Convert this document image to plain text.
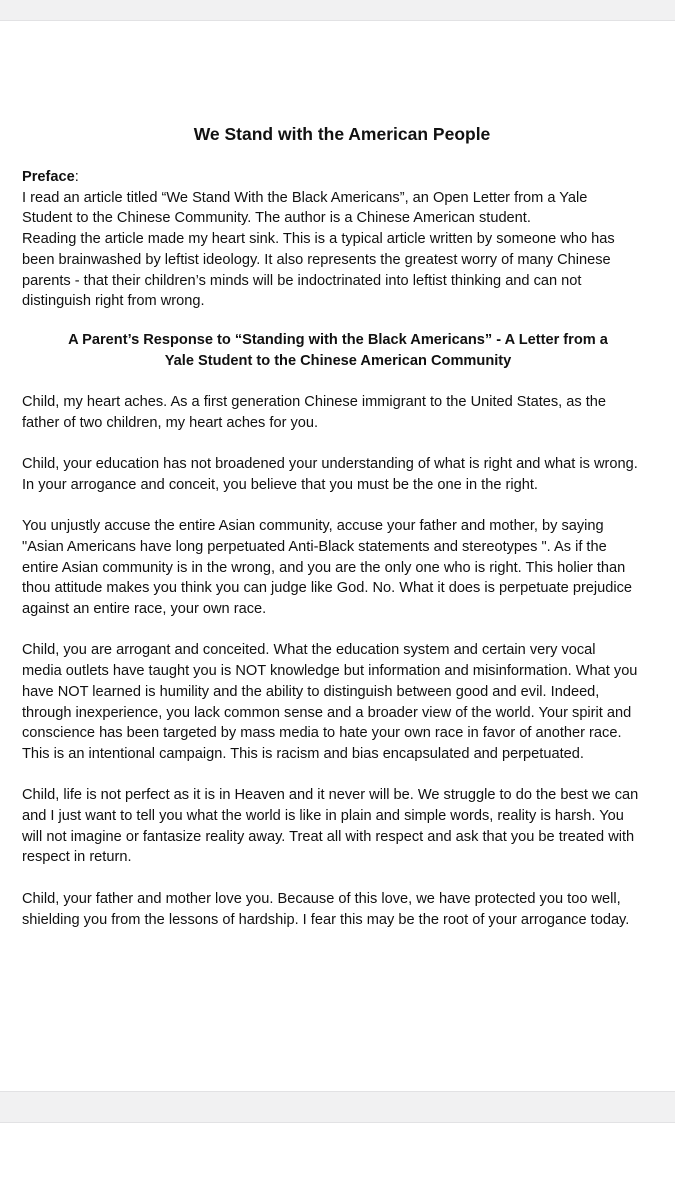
We Stand with the American People
Preface:
I read an article titled “We Stand With the Black Americans”, an Open Letter from a Yale
Student to the Chinese Community. The author is a Chinese American student.
Reading the article made my heart sink. This is a typical article written by someone who has
been brainwashed by leftist ideology. It also represents the greatest worry of many Chinese
parents - that their children’s minds will be indoctrinated into leftist thinking and can not
distinguish right from wrong.
A Parent’s Response to “Standing with the Black Americans” - A Letter from a
Yale Student to the Chinese American Community
Child, my heart aches. As a first generation Chinese immigrant to the United States, as the
father of two children, my heart aches for you.
Child, your education has not broadened your understanding of what is right and what is wrong.
In your arrogance and conceit, you believe that you must be the one in the right.
You unjustly accuse the entire Asian community, accuse your father and mother, by saying
"Asian Americans have long perpetuated Anti-Black statements and stereotypes ". As if the
entire Asian community is in the wrong, and you are the only one who is right. This holier than
thou attitude makes you think you can judge like God. No. What it does is perpetuate prejudice
against an entire race, your own race.
Child, you are arrogant and conceited. What the education system and certain very vocal
media outlets have taught you is NOT knowledge but information and misinformation. What you
have NOT learned is humility and the ability to distinguish between good and evil. Indeed,
through inexperience, you lack common sense and a broader view of the world. Your spirit and
conscience has been targeted by mass media to hate your own race in favor of another race.
This is an intentional campaign. This is racism and bias encapsulated and perpetuated.
Child, life is not perfect as it is in Heaven and it never will be. We struggle to do the best we can
and I just want to tell you what the world is like in plain and simple words, reality is harsh. You
will not imagine or fantasize reality away. Treat all with respect and ask that you be treated with
respect in return.
Child, your father and mother love you. Because of this love, we have protected you too well,
shielding you from the lessons of hardship. I fear this may be the root of your arrogance today.
